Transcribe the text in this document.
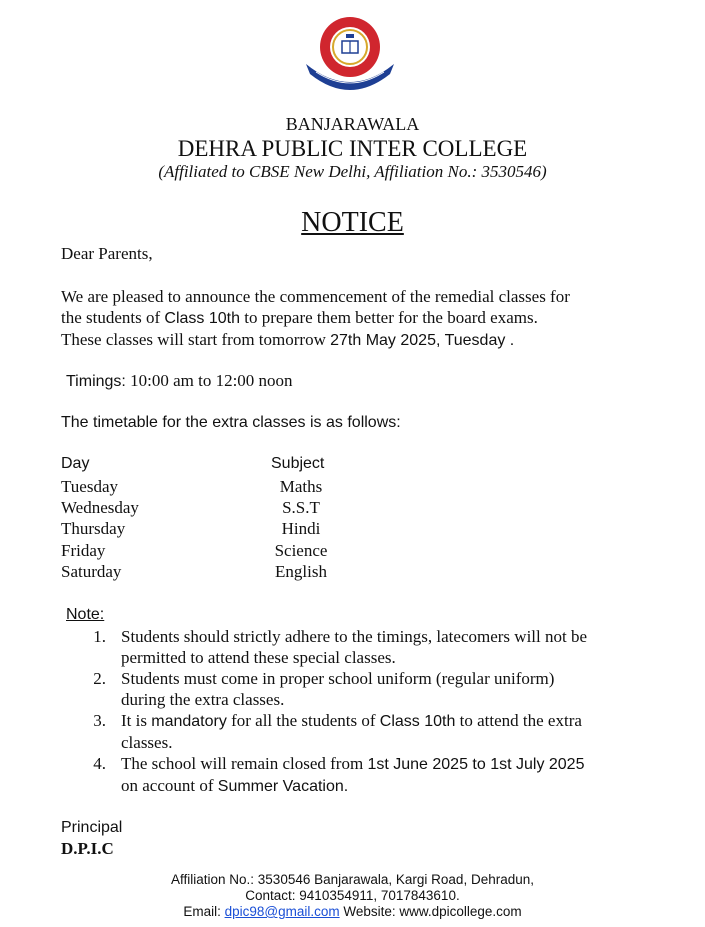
BANJARAWALA
DEHRA PUBLIC INTER COLLEGE
(Affiliated to CBSE New Delhi, Affiliation No.: 3530546)
NOTICE
Dear Parents,
We are pleased to announce the commencement of the remedial classes for
the students of Class 10th to prepare them better for the board exams.
These classes will start from tomorrow 27th May 2025, Tuesday .
Timings: 10:00 am to 12:00 noon
The timetable for the extra classes is as follows:
Day	Subject
Tuesday	Maths
Wednesday	S.S.T
Thursday	Hindi
Friday	Science
Saturday	English
Note:
1. Students should strictly adhere to the timings, latecomers will not be
permitted to attend these special classes.
2. Students must come in proper school uniform (regular uniform)
during the extra classes.
3. It is mandatory for all the students of Class 10th to attend the extra
classes.
4. The school will remain closed from 1st June 2025 to 1st July 2025
on account of Summer Vacation.
Principal
D.P.I.C
Affiliation No.: 3530546 Banjarawala, Kargi Road, Dehradun,
Contact: 9410354911, 7017843610.
Email: dpic98@gmail.com Website: www.dpicollege.com
